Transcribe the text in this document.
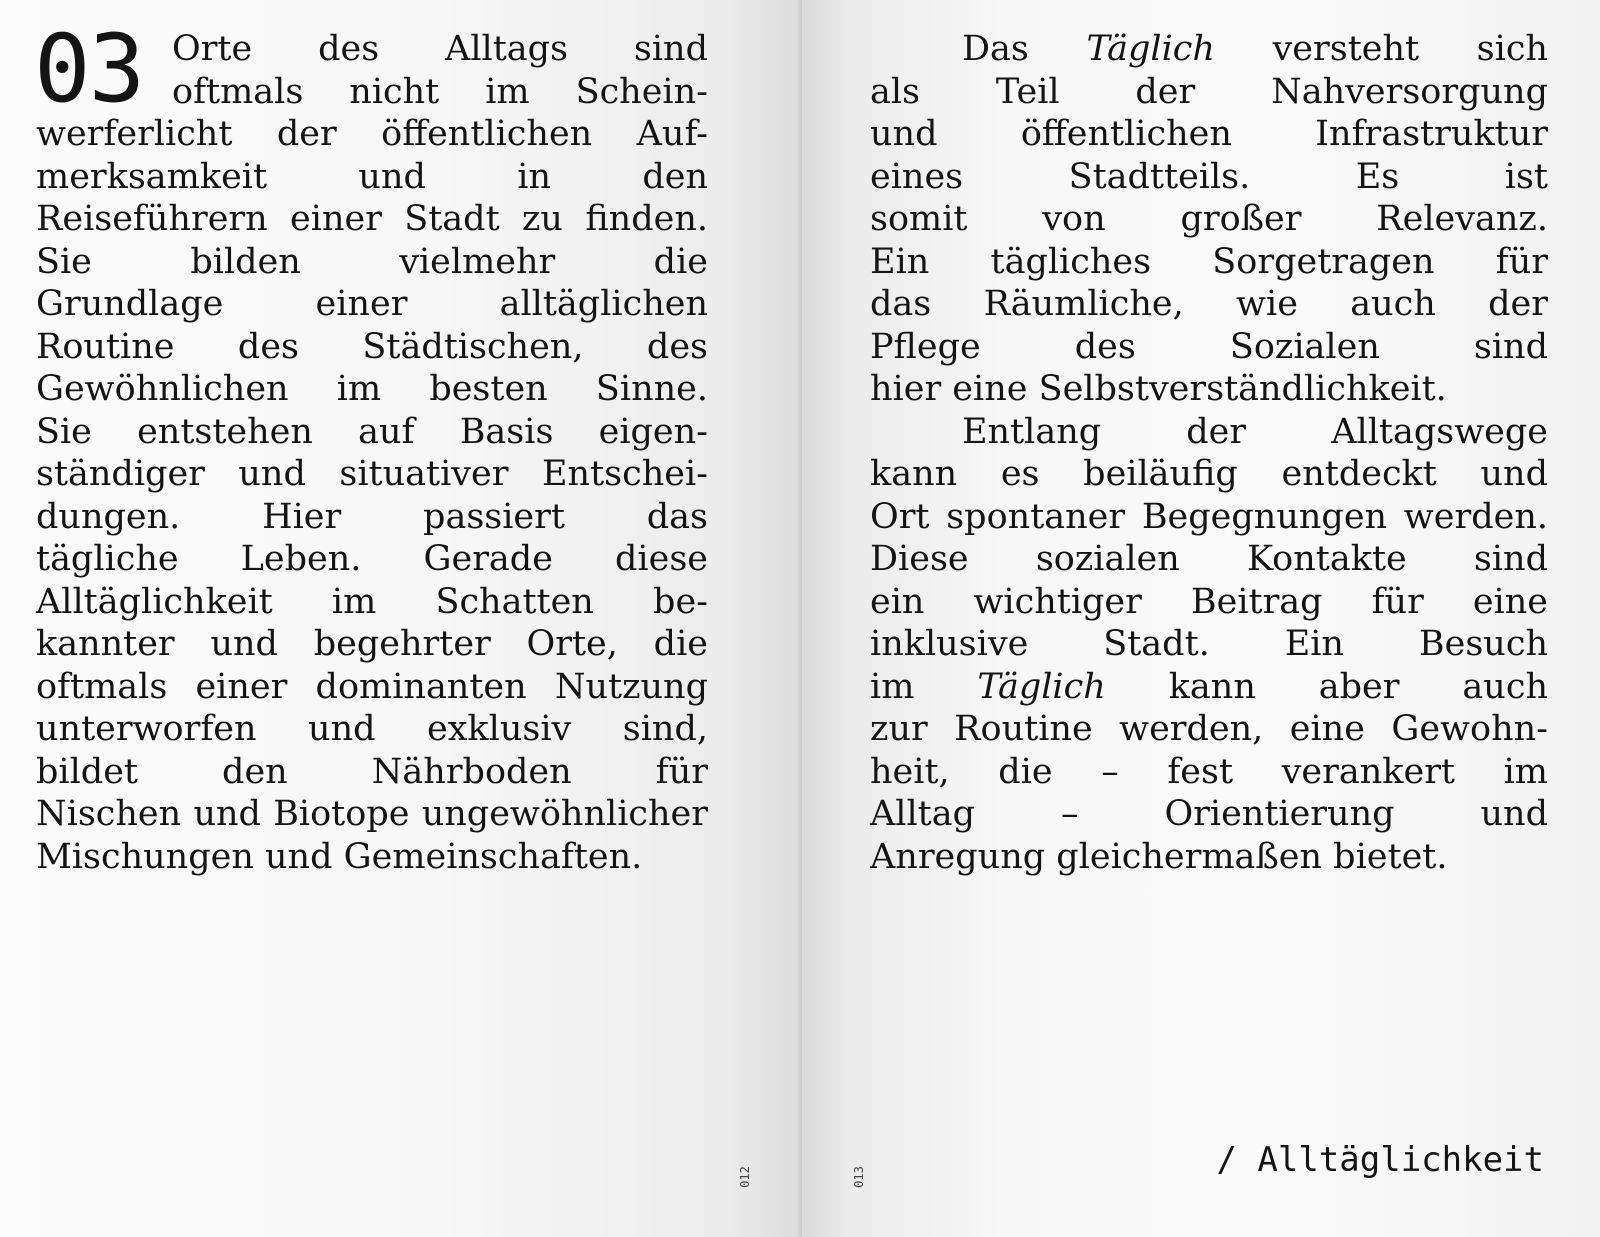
03 Orte des Alltags sind
oftmals nicht im Schein-
werferlicht der öffentlichen Auf-
merksamkeit und in den
Reiseführern einer Stadt zu finden.
Sie bilden vielmehr die
Grundlage einer alltäglichen
Routine des Städtischen, des
Gewöhnlichen im besten Sinne.
Sie entstehen auf Basis eigen-
ständiger und situativer Entschei-
dungen. Hier passiert das
tägliche Leben. Gerade diese
Alltäglichkeit im Schatten be-
kannter und begehrter Orte, die
oftmals einer dominanten Nutzung
unterworfen und exklusiv sind,
bildet den Nährboden für
Nischen und Biotope ungewöhnlicher
Mischungen und Gemeinschaften.
012
Das Täglich versteht sich
als Teil der Nahversorgung
und öffentlichen Infrastruktur
eines Stadtteils. Es ist
somit von großer Relevanz.
Ein tägliches Sorgetragen für
das Räumliche, wie auch der
Pflege des Sozialen sind
hier eine Selbstverständlichkeit.
Entlang der Alltagswege
kann es beiläufig entdeckt und
Ort spontaner Begegnungen werden.
Diese sozialen Kontakte sind
ein wichtiger Beitrag für eine
inklusive Stadt. Ein Besuch
im Täglich kann aber auch
zur Routine werden, eine Gewohn-
heit, die – fest verankert im
Alltag – Orientierung und
Anregung gleichermaßen bietet.
013	/ Alltäglichkeit
